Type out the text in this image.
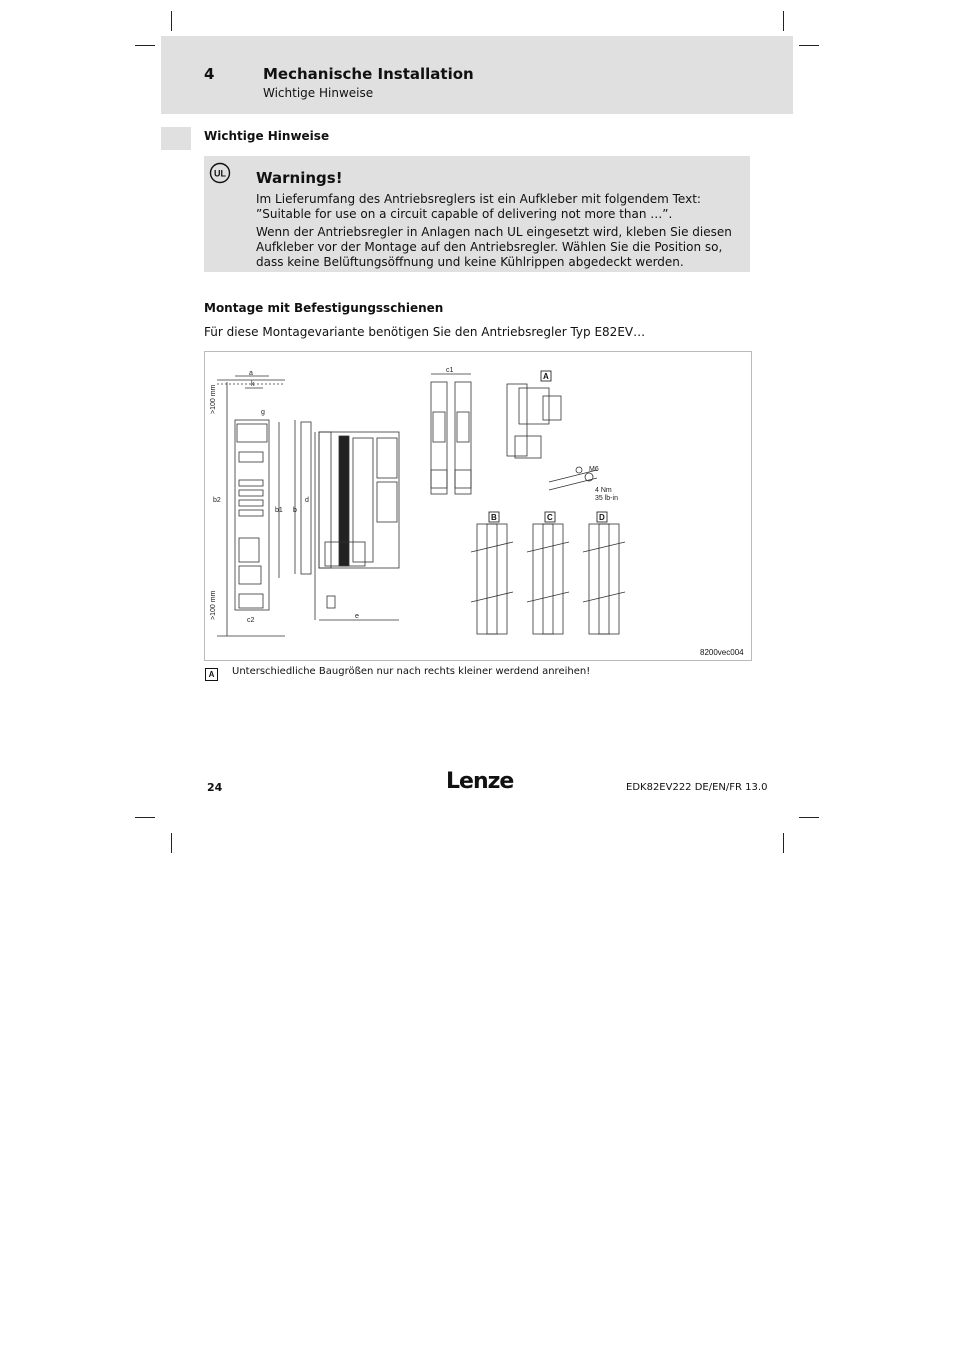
4	Mechanische Installation
Wichtige Hinweise
Wichtige Hinweise
UL Warnings!

Im Lieferumfang des Antriebsreglers ist ein Aufkleber mit folgendem Text: ”Suitable for use on a circuit capable of delivering not more than …”.

Wenn der Antriebsregler in Anlagen nach UL eingesetzt wird, kleben Sie diesen Aufkleber vor der Montage auf den Antriebsregler. Wählen Sie die Position so, dass keine Belüftungsöffnung und keine Kühlrippen abgedeckt werden.

Montage mit Befestigungsschienen
Für diese Montagevariante benötigen Sie den Antriebsregler Typ E82EV…
a
k
b2
b1 b
d
e
c1
c2
g
>100 mm
>100 mm
M6
4 Nm
35 lb-in
A
B	C	D
8200vec004
A	Unterschiedliche Baugrößen nur nach rechts kleiner werdend anreihen!
24	Lenze	EDK82EV222 DE/EN/FR 13.0
